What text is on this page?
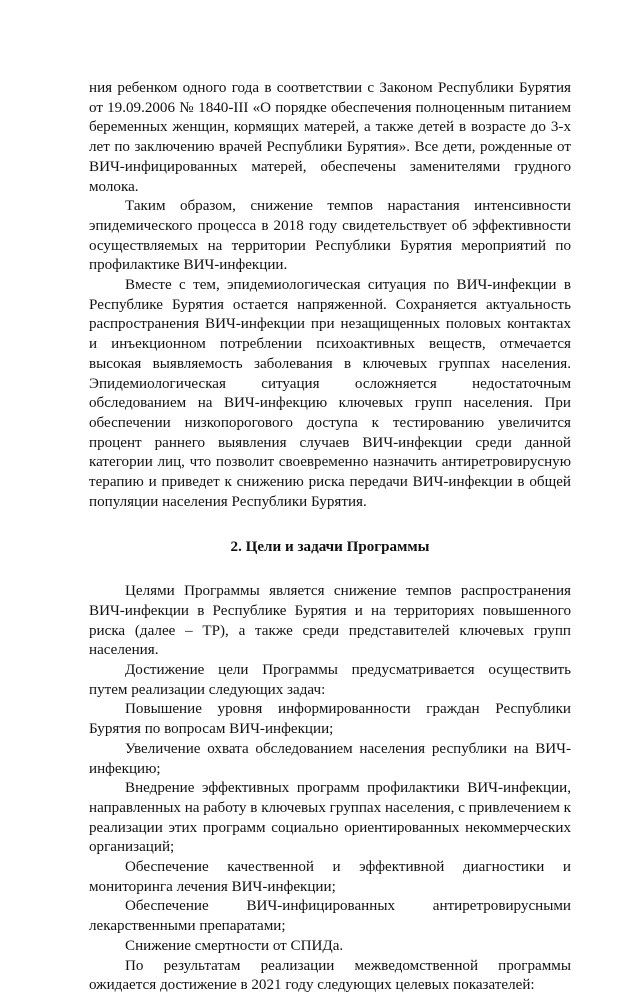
ния ребенком одного года в соответствии с Законом Республики Бурятия от 19.09.2006 № 1840-III «О порядке обеспечения полноценным питанием беременных женщин, кормящих матерей, а также детей в возрасте до 3-х лет по заключению врачей Республики Бурятия». Все дети, рожденные от ВИЧ-инфицированных матерей, обеспечены заменителями грудного молока.

Таким образом, снижение темпов нарастания интенсивности эпидемического процесса в 2018 году свидетельствует об эффективности осуществляемых на территории Республики Бурятия мероприятий по профилактике ВИЧ-инфекции.

Вместе с тем, эпидемиологическая ситуация по ВИЧ-инфекции в Республике Бурятия остается напряженной. Сохраняется актуальность распространения ВИЧ-инфекции при незащищенных половых контактах и инъекционном потреблении психоактивных веществ, отмечается высокая выявляемость заболевания в ключевых группах населения. Эпидемиологическая ситуация осложняется недостаточным обследованием на ВИЧ-инфекцию ключевых групп населения. При обеспечении низкопорогового доступа к тестированию увеличится процент раннего выявления случаев ВИЧ-инфекции среди данной категории лиц, что позволит своевременно назначить антиретровирусную терапию и приведет к снижению риска передачи ВИЧ-инфекции в общей популяции населения Республики Бурятия.

2. Цели и задачи Программы

Целями Программы является снижение темпов распространения ВИЧ-инфекции в Республике Бурятия и на территориях повышенного риска (далее – ТР), а также среди представителей ключевых групп населения.

Достижение цели Программы предусматривается осуществить путем реализации следующих задач:

Повышение уровня информированности граждан Республики Бурятия по вопросам ВИЧ-инфекции;

Увеличение охвата обследованием населения республики на ВИЧ-инфекцию;

Внедрение эффективных программ профилактики ВИЧ-инфекции, направленных на работу в ключевых группах населения, с привлечением к реализации этих программ социально ориентированных некоммерческих организаций;

Обеспечение качественной и эффективной диагностики и мониторинга лечения ВИЧ-инфекции;

Обеспечение ВИЧ-инфицированных антиретровирусными лекарственными препаратами;

Снижение смертности от СПИДа.

По результатам реализации межведомственной программы ожидается достижение в 2021 году следующих целевых показателей:
